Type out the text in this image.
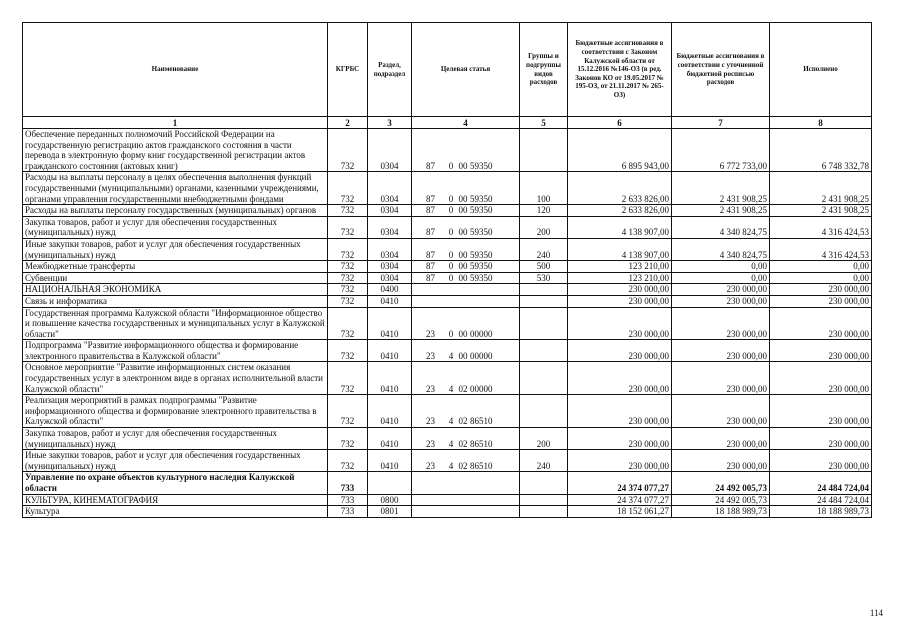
Наименование	КГРБС	Раздел, подраздел	Целевая статья	Группы и подгруппы видов расходов	Бюджетные ассигнования в соответствии с Законом Калужской области от 15.12.2016 №146-ОЗ (в ред. Законов КО от 19.05.2017 № 195-ОЗ, от 21.11.2017 № 265-ОЗ)	Бюджетные ассигнования в соответствии с уточненной бюджетной росписью расходов	Исполнено
1	2	3	4	5	6	7	8
Обеспечение переданных полномочий Российской Федерации на государственную регистрацию актов гражданского состояния в части перевода в электронную форму книг государственной регистрации актов гражданского состояния (актовых книг)	732	0304	87 0 00 59350		6 895 943,00	6 772 733,00	6 748 332,78
Расходы на выплаты персоналу в целях обеспечения выполнения функций государственными (муниципальными) органами, казенными учреждениями, органами управления государственными внебюджетными фондами	732	0304	87 0 00 59350	100	2 633 826,00	2 431 908,25	2 431 908,25
Расходы на выплаты персоналу государственных (муниципальных) органов	732	0304	87 0 00 59350	120	2 633 826,00	2 431 908,25	2 431 908,25
Закупка товаров, работ и услуг для обеспечения государственных (муниципальных) нужд	732	0304	87 0 00 59350	200	4 138 907,00	4 340 824,75	4 316 424,53
Иные закупки товаров, работ и услуг для обеспечения государственных (муниципальных) нужд	732	0304	87 0 00 59350	240	4 138 907,00	4 340 824,75	4 316 424,53
Межбюджетные трансферты	732	0304	87 0 00 59350	500	123 210,00	0,00	0,00
Субвенции	732	0304	87 0 00 59350	530	123 210,00	0,00	0,00
НАЦИОНАЛЬНАЯ ЭКОНОМИКА	732	0400			230 000,00	230 000,00	230 000,00
Связь и информатика	732	0410			230 000,00	230 000,00	230 000,00
Государственная программа Калужской области "Информационное общество и повышение качества государственных и муниципальных услуг в Калужской области"	732	0410	23 0 00 00000		230 000,00	230 000,00	230 000,00
Подпрограмма "Развитие информационного общества и формирование электронного правительства в Калужской области"	732	0410	23 4 00 00000		230 000,00	230 000,00	230 000,00
Основное мероприятие "Развитие информационных систем оказания государственных услуг в электронном виде в органах исполнительной власти Калужской области"	732	0410	23 4 02 00000		230 000,00	230 000,00	230 000,00
Реализация мероприятий в рамках подпрограммы "Развитие информационного общества и формирование электронного правительства в Калужской области"	732	0410	23 4 02 86510		230 000,00	230 000,00	230 000,00
Закупка товаров, работ и услуг для обеспечения государственных (муниципальных) нужд	732	0410	23 4 02 86510	200	230 000,00	230 000,00	230 000,00
Иные закупки товаров, работ и услуг для обеспечения государственных (муниципальных) нужд	732	0410	23 4 02 86510	240	230 000,00	230 000,00	230 000,00
Управление по охране объектов культурного наследия Калужской области	733				24 374 077,27	24 492 005,73	24 484 724,04
КУЛЬТУРА, КИНЕМАТОГРАФИЯ	733	0800			24 374 077,27	24 492 005,73	24 484 724,04
Культура	733	0801			18 152 061,27	18 188 989,73	18 188 989,73
114
